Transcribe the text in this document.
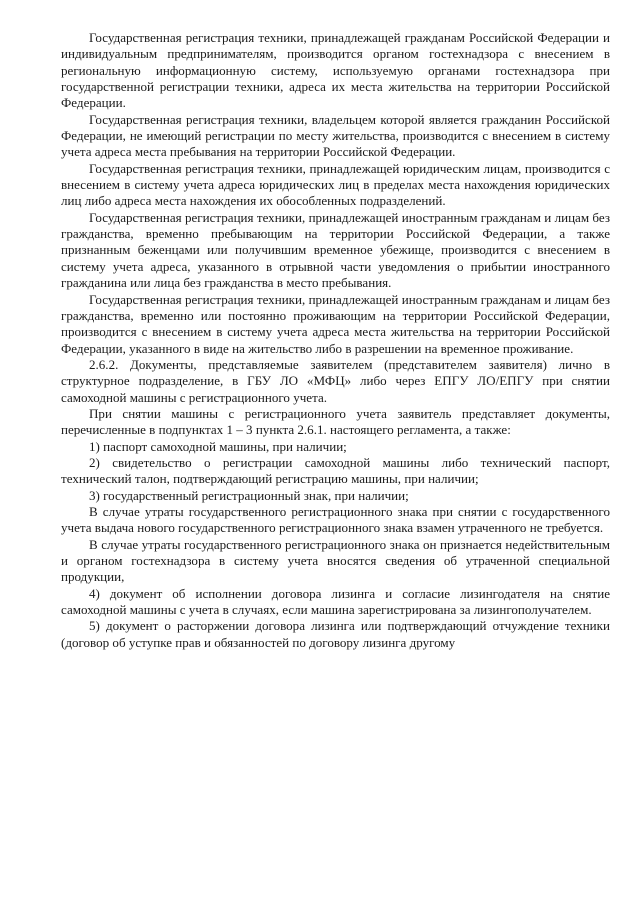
Государственная регистрация техники, принадлежащей гражданам Российской Федерации и индивидуальным предпринимателям, производится органом гостехнадзора с внесением в региональную информационную систему, используемую органами гостехнадзора при государственной регистрации техники, адреса их места жительства на территории Российской Федерации.

Государственная регистрация техники, владельцем которой является гражданин Российской Федерации, не имеющий регистрации по месту жительства, производится с внесением в систему учета адреса места пребывания на территории Российской Федерации.

Государственная регистрация техники, принадлежащей юридическим лицам, производится с внесением в систему учета адреса юридических лиц в пределах места нахождения юридических лиц либо адреса места нахождения их обособленных подразделений.

Государственная регистрация техники, принадлежащей иностранным гражданам и лицам без гражданства, временно пребывающим на территории Российской Федерации, а также признанным беженцами или получившим временное убежище, производится с внесением в систему учета адреса, указанного в отрывной части уведомления о прибытии иностранного гражданина или лица без гражданства в место пребывания.

Государственная регистрация техники, принадлежащей иностранным гражданам и лицам без гражданства, временно или постоянно проживающим на территории Российской Федерации, производится с внесением в систему учета адреса места жительства на территории Российской Федерации, указанного в виде на жительство либо в разрешении на временное проживание.

2.6.2. Документы, представляемые заявителем (представителем заявителя) лично в структурное подразделение, в ГБУ ЛО «МФЦ» либо через ЕПГУ ЛО/ЕПГУ при снятии самоходной машины с регистрационного учета.

При снятии машины с регистрационного учета заявитель представляет документы, перечисленные в подпунктах 1 – 3 пункта 2.6.1. настоящего регламента, а также:

1) паспорт самоходной машины, при наличии;

2) свидетельство о регистрации самоходной машины либо технический паспорт, технический талон, подтверждающий регистрацию машины, при наличии;

3) государственный регистрационный знак, при наличии;

В случае утраты государственного регистрационного знака при снятии с государственного учета выдача нового государственного регистрационного знака взамен утраченного не требуется.

В случае утраты государственного регистрационного знака он признается недействительным и органом гостехнадзора в систему учета вносятся сведения об утраченной специальной продукции,

4) документ об исполнении договора лизинга и согласие лизингодателя на снятие самоходной машины с учета в случаях, если машина зарегистрирована за лизингополучателем.

5) документ о расторжении договора лизинга или подтверждающий отчуждение техники (договор об уступке прав и обязанностей по договору лизинга другому
